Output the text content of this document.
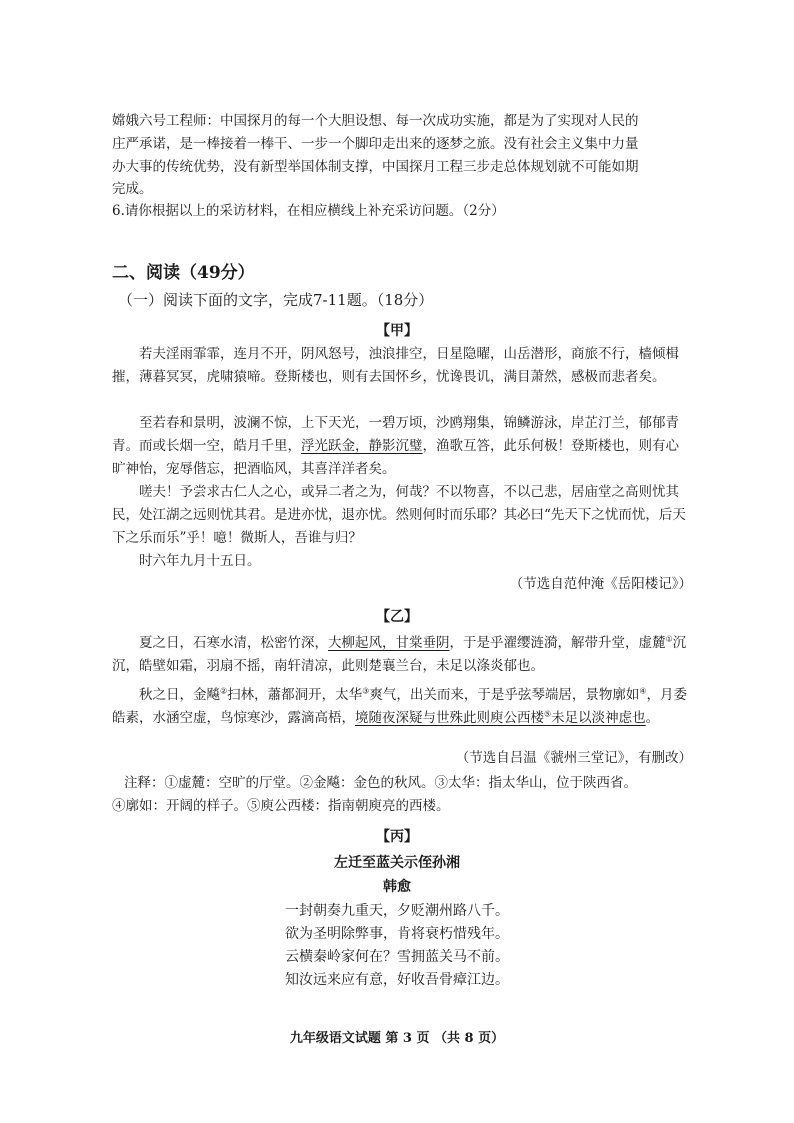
嫦娥六号工程师：中国探月的每一个大胆设想、每一次成功实施，都是为了实现对人民的

庄严承诺，是一棒接着一棒干、一步一个脚印走出来的逐梦之旅。没有社会主义集中力量

办大事的传统优势，没有新型举国体制支撑，中国探月工程三步走总体规划就不可能如期

完成。

6.请你根据以上的采访材料，在相应横线上补充采访问题。（2分）

二、阅读（49分）

（一）阅读下面的文字，完成7-11题。（18分）

【甲】

若夫淫雨霏霏，连月不开，阴风怒号，浊浪排空，日星隐曜，山岳潜形，商旅不行，樯倾楫摧，薄暮冥冥，虎啸猿啼。登斯楼也，则有去国怀乡，忧谗畏讥，满目萧然，感极而悲者矣。

至若春和景明，波澜不惊，上下天光，一碧万顷，沙鸥翔集，锦鳞游泳，岸芷汀兰，郁郁青青。而或长烟一空，皓月千里，浮光跃金，静影沉璧，渔歌互答，此乐何极！登斯楼也，则有心旷神怡，宠辱偕忘，把酒临风，其喜洋洋者矣。

嗟夫！予尝求古仁人之心，或异二者之为，何哉？不以物喜，不以己悲，居庙堂之高则忧其民，处江湖之远则忧其君。是进亦忧，退亦忧。然则何时而乐耶？其必曰“先天下之忧而忧，后天下之乐而乐”乎！噫！微斯人，吾谁与归？

时六年九月十五日。

（节选自范仲淹《岳阳楼记》）

【乙】

夏之日，石寒水清，松密竹深，大柳起风，甘棠垂阴，于是乎濯缨涟漪，解带升堂，虚麓①沉沉，皓壁如霜，羽扇不摇，南轩清凉，此则楚襄兰台，未足以涤炎郁也。

秋之日，金飚②扫林，蕭都洞开，太华③爽气，出关而来，于是乎弦琴端居，景物廓如④，月委皓素，水涵空虚，鸟惊寒沙，露滴高梧，境随夜深疑与世殊此则庾公西楼⑤未足以淡神虑也。

（节选自吕温《虢州三堂记》，有删改）

注释：①虚麓：空旷的厅堂。②金飚：金色的秋风。③太华：指太华山，位于陕西省。

④廓如：开阔的样子。⑤庾公西楼：指南朝庾亮的西楼。

【丙】

左迁至蓝关示侄孙湘

韩愈

一封朝奏九重天，夕贬潮州路八千。

欲为圣明除弊事，肯将衰朽惜残年。

云横秦岭家何在？雪拥蓝关马不前。

知汝远来应有意，好收吾骨瘴江边。

九年级语文试题 第 3 页 （共 8 页）
